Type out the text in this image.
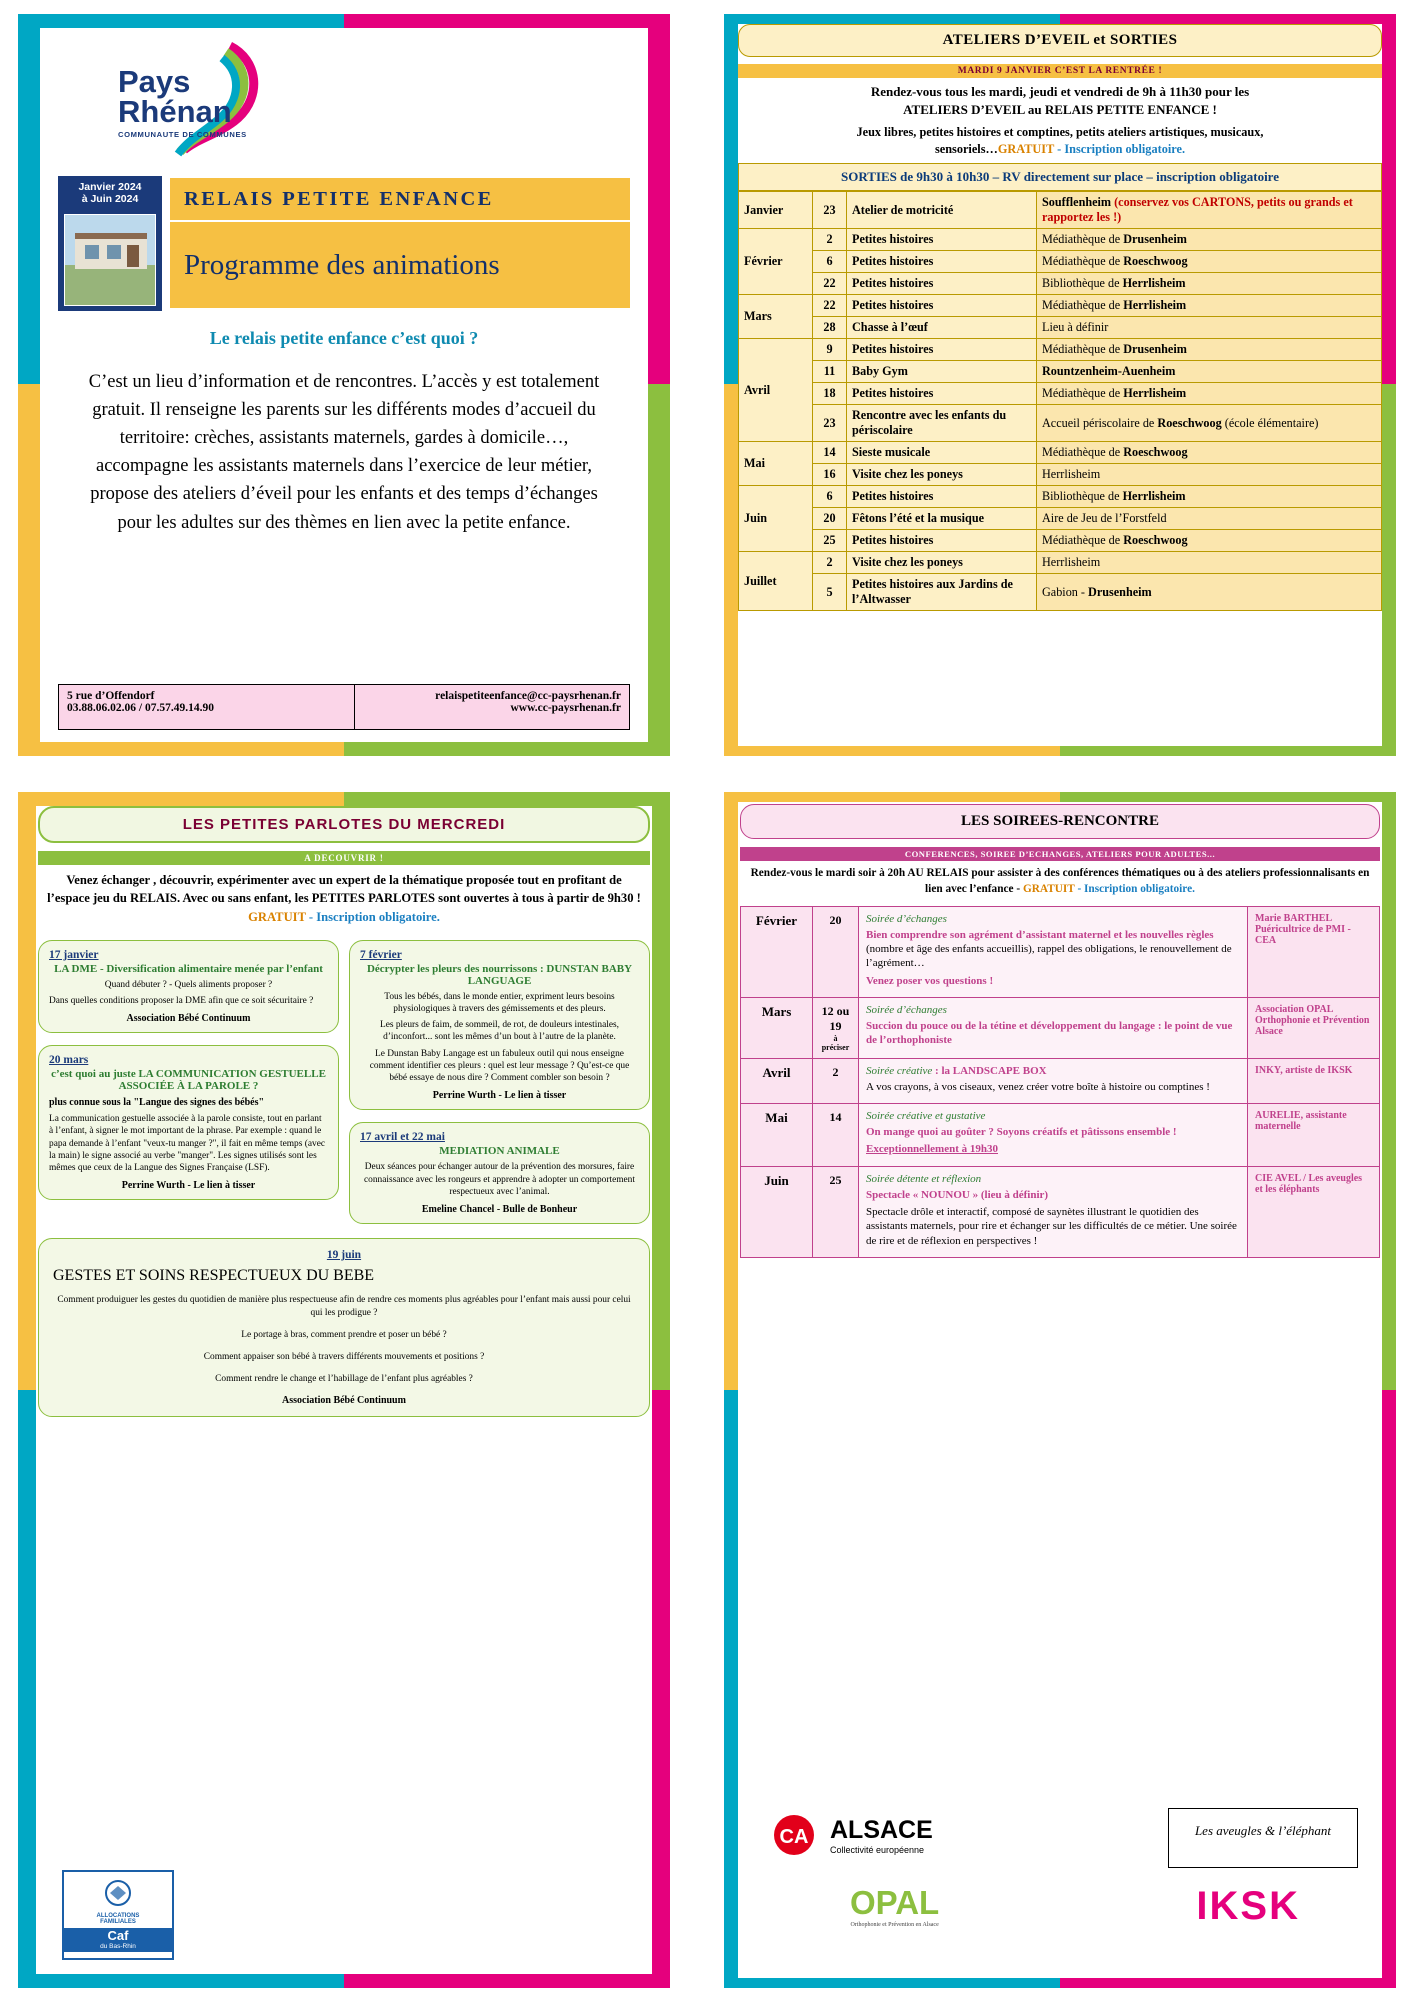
Pays
Rhénan
COMMUNAUTE DE COMMUNES
Janvier 2024
à Juin 2024	RELAIS PETITE ENFANCE
Programme des animations
Le relais petite enfance c’est quoi ?
C’est un lieu d’information et de rencontres. L’accès y est totalement gratuit. Il renseigne les parents sur les différents modes d’accueil du territoire: crèches, assistants maternels, gardes à domicile…, accompagne les assistants maternels dans l’exercice de leur métier, propose des ateliers d’éveil pour les enfants et des temps d’échanges pour les adultes sur des thèmes en lien avec la petite enfance.
5 rue d’Offendorf
03.88.06.02.06 / 07.57.49.14.90
relaispetiteenfance@cc-paysrhenan.fr
www.cc-paysrhenan.fr
ATELIERS D’EVEIL et SORTIES
MARDI 9 JANVIER C’EST LA RENTRÉE !
Rendez-vous tous les mardi, jeudi et vendredi de 9h à 11h30 pour les
ATELIERS D’EVEIL au RELAIS PETITE ENFANCE !
Jeux libres, petites histoires et comptines, petits ateliers artistiques, musicaux,
sensoriels…GRATUIT - Inscription obligatoire.
SORTIES de 9h30 à 10h30 – RV directement sur place – inscription obligatoire
Janvier	23	Atelier de motricité	Soufflenheim (conservez vos CARTONS, petits ou grands et rapportez les !)
Février	2	Petites histoires	Médiathèque de Drusenheim
	6	Petites histoires	Médiathèque de Roeschwoog
	22	Petites histoires	Bibliothèque de Herrlisheim
Mars	22	Petites histoires	Médiathèque de Herrlisheim
	28	Chasse à l’œuf	Lieu à définir
Avril	9	Petites histoires	Médiathèque de Drusenheim
	11	Baby Gym	Rountzenheim-Auenheim
	18	Petites histoires	Médiathèque de Herrlisheim
	23	Rencontre avec les enfants du périscolaire	Accueil périscolaire de Roeschwoog (école élémentaire)
Mai	14	Sieste musicale	Médiathèque de Roeschwoog
	16	Visite chez les poneys	Herrlisheim
Juin	6	Petites histoires	Bibliothèque de Herrlisheim
	20	Fêtons l’été et la musique	Aire de Jeu de l’Forstfeld
	25	Petites histoires	Médiathèque de Roeschwoog
Juillet	2	Visite chez les poneys	Herrlisheim
	5	Petites histoires aux Jardins de l’Altwasser	Gabion - Drusenheim
LES PETITES PARLOTES DU MERCREDI
A DECOUVRIR !
Venez échanger , découvrir, expérimenter avec un expert de la thématique proposée tout en profitant de l’espace jeu du RELAIS. Avec ou sans enfant, les PETITES PARLOTES sont ouvertes à tous à partir de 9h30 ! GRATUIT - Inscription obligatoire.
17 janvier
LA DME - Diversification alimentaire menée par l’enfant

Quand débuter ? - Quels aliments proposer ?

Dans quelles conditions proposer la DME afin que ce soit sécuritaire ?

Association Bébé Continuum
20 mars
c’est quoi au juste LA COMMUNICATION GESTUELLE ASSOCIÉE À LA PAROLE ?

plus connue sous la "Langue des signes des bébés"

La communication gestuelle associée à la parole consiste, tout en parlant à l’enfant, à signer le mot important de la phrase. Par exemple : quand le papa demande à l’enfant "veux-tu manger ?", il fait en même temps (avec la main) le signe associé au verbe "manger". Les signes utilisés sont les mêmes que ceux de la Langue des Signes Française (LSF).

Perrine Wurth - Le lien à tisser
7 février
Décrypter les pleurs des nourrissons : DUNSTAN BABY LANGUAGE

Tous les bébés, dans le monde entier, expriment leurs besoins physiologiques à travers des gémissements et des pleurs.

Les pleurs de faim, de sommeil, de rot, de douleurs intestinales, d’inconfort... sont les mêmes d’un bout à l’autre de la planète.

Le Dunstan Baby Langage est un fabuleux outil qui nous enseigne comment identifier ces pleurs : quel est leur message ? Qu’est-ce que bébé essaye de nous dire ? Comment combler son besoin ?

Perrine Wurth - Le lien à tisser
17 avril et 22 mai
MEDIATION ANIMALE

Deux séances pour échanger autour de la prévention des morsures, faire connaissance avec les rongeurs et apprendre à adopter un comportement respectueux avec l’animal.

Emeline Chancel - Bulle de Bonheur
19 juin
GESTES ET SOINS RESPECTUEUX DU BEBE

Comment produiguer les gestes du quotidien de manière plus respectueuse afin de rendre ces moments plus agréables pour l’enfant mais aussi pour celui qui les prodigue ?

Le portage à bras, comment prendre et poser un bébé ?

Comment appaiser son bébé à travers différents mouvements et positions ?

Comment rendre le change et l’habillage de l’enfant plus agréables ?

Association Bébé Continuum
ALLOCATIONS
FAMILIALES
Caf
du Bas-Rhin
LES SOIREES-RENCONTRE
CONFERENCES, SOIREE D’ECHANGES, ATELIERS POUR ADULTES...
Rendez-vous le mardi soir à 20h AU RELAIS pour assister à des conférences thématiques ou à des ateliers professionnalisants en lien avec l’enfance - GRATUIT - Inscription obligatoire.
Février	20	Soirée d’échanges

Bien comprendre son agrément d’assistant maternel et les nouvelles règles (nombre et âge des enfants accueillis), rappel des obligations, le renouvellement de l’agrément…

Venez poser vos questions !	Marie BARTHEL Puéricultrice de PMI - CEA
Mars	12 ou 19
à préciser

Soirée d’échanges

Succion du pouce ou de la tétine et développement du langage : le point de vue de l’orthophoniste

	Association OPAL Orthophonie et Prévention Alsace
Avril	2	Soirée créative : la LANDSCAPE BOX

A vos crayons, à vos ciseaux, venez créer votre boîte à histoire ou comptines !	INKY, artiste de IKSK
Mai	14	Soirée créative et gustative

On mange quoi au goûter ? Soyons créatifs et pâtissons ensemble !

Exceptionnellement à 19h30	AURELIE, assistante maternelle
Juin	25	Soirée détente et réflexion

Spectacle « NOUNOU » (lieu à définir)

Spectacle drôle et interactif, composé de saynètes illustrant le quotidien des assistants maternels, pour rire et échanger sur les difficultés de ce métier. Une soirée de rire et de réflexion en perspectives !	CIE AVEL / Les aveugles et les éléphants
CA ALSACE
Collectivité européenne
Les aveugles & l’éléphant
OPAL
Orthophonie et Prévention en Alsace	IKSK
